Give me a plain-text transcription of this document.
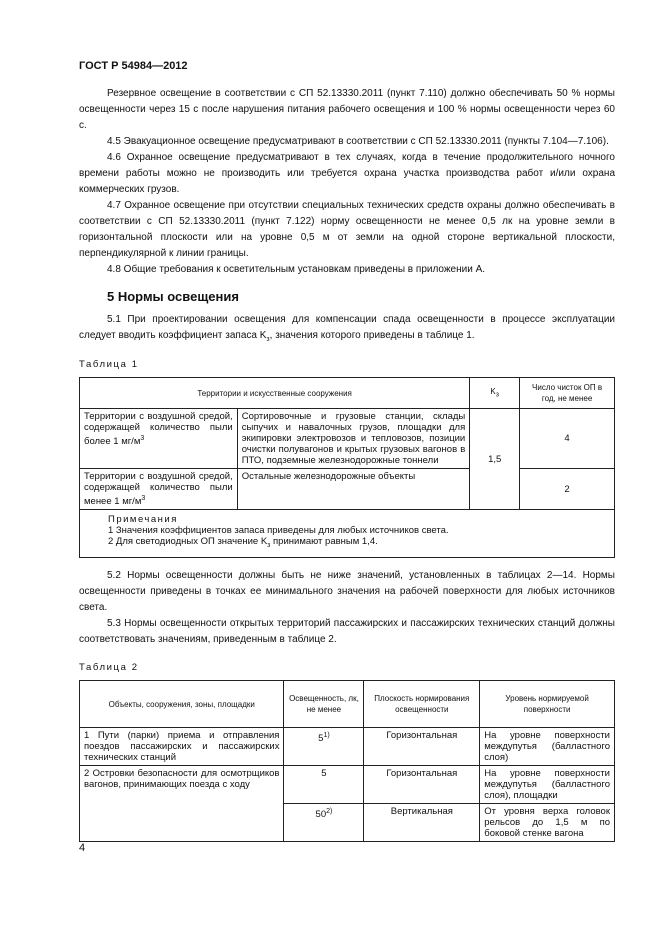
ГОСТ Р 54984—2012

Резервное освещение в соответствии с СП 52.13330.2011 (пункт 7.110) должно обеспечивать 50 % нормы освещенности через 15 с после нарушения питания рабочего освещения и 100 % нормы освещенности через 60 с.

4.5 Эвакуационное освещение предусматривают в соответствии с СП 52.13330.2011 (пункты 7.104—7.106).

4.6 Охранное освещение предусматривают в тех случаях, когда в течение продолжительного ночного времени работы можно не производить или требуется охрана участка производства работ и/или охрана коммерческих грузов.

4.7 Охранное освещение при отсутствии специальных технических средств охраны должно обеспечивать в соответствии с СП 52.13330.2011 (пункт 7.122) норму освещенности не менее 0,5 лк на уровне земли в горизонтальной плоскости или на уровне 0,5 м от земли на одной стороне вертикальной плоскости, перпендикулярной к линии границы.

4.8 Общие требования к осветительным установкам приведены в приложении А.

5 Нормы освещения

5.1 При проектировании освещения для компенсации спада освещенности в процессе эксплуатации следует вводить коэффициент запаса $K_з$, значения которого приведены в таблице 1.

Таблица 1
Территории и искусственные сооружения		$K_з$	Число чисток ОП в год, не менее
Территории с воздушной средой, содержащей количество пыли более 1 $мг/м^3$	Сортировочные и грузовые станции, склады сыпучих и навалочных грузов, площадки для экипировки электровозов и тепловозов, позиции очистки полувагонов и крытых грузовых вагонов в ПТО, подземные железнодорожные тоннели	1,5	4
Территории с воздушной средой, содержащей количество пыли менее 1 $мг/м^3$	Остальные железнодорожные объекты		2

Примечания
1 Значения коэффициентов запаса приведены для любых источников света.
2 Для светодиодных ОП значение $K_з$ принимают равным 1,4.			

5.2 Нормы освещенности должны быть не ниже значений, установленных в таблицах 2—14. Нормы освещенности приведены в точках ее минимального значения на рабочей поверхности для любых источников света.

5.3 Нормы освещенности открытых территорий пассажирских и пассажирских технических станций должны соответствовать значениям, приведенным в таблице 2.

Таблица 2
Объекты, сооружения, зоны, площадки	Освещенность, лк, не менее	Плоскость нормирования освещенности	Уровень нормируемой поверхности
1 Пути (парки) приема и отправления поездов пассажирских и пассажирских технических станций	5$^{1)}$	Горизонтальная	На уровне поверхности междупутья (балластного слоя)
2 Островки безопасности для осмотрщиков вагонов, принимающих поезда с ходу	5	Горизонтальная	На уровне поверхности междупутья (балластного слоя), площадки
	50$^{2)}$	Вертикальная	От уровня верха головок рельсов до 1,5 м по боковой стенке вагона
4
